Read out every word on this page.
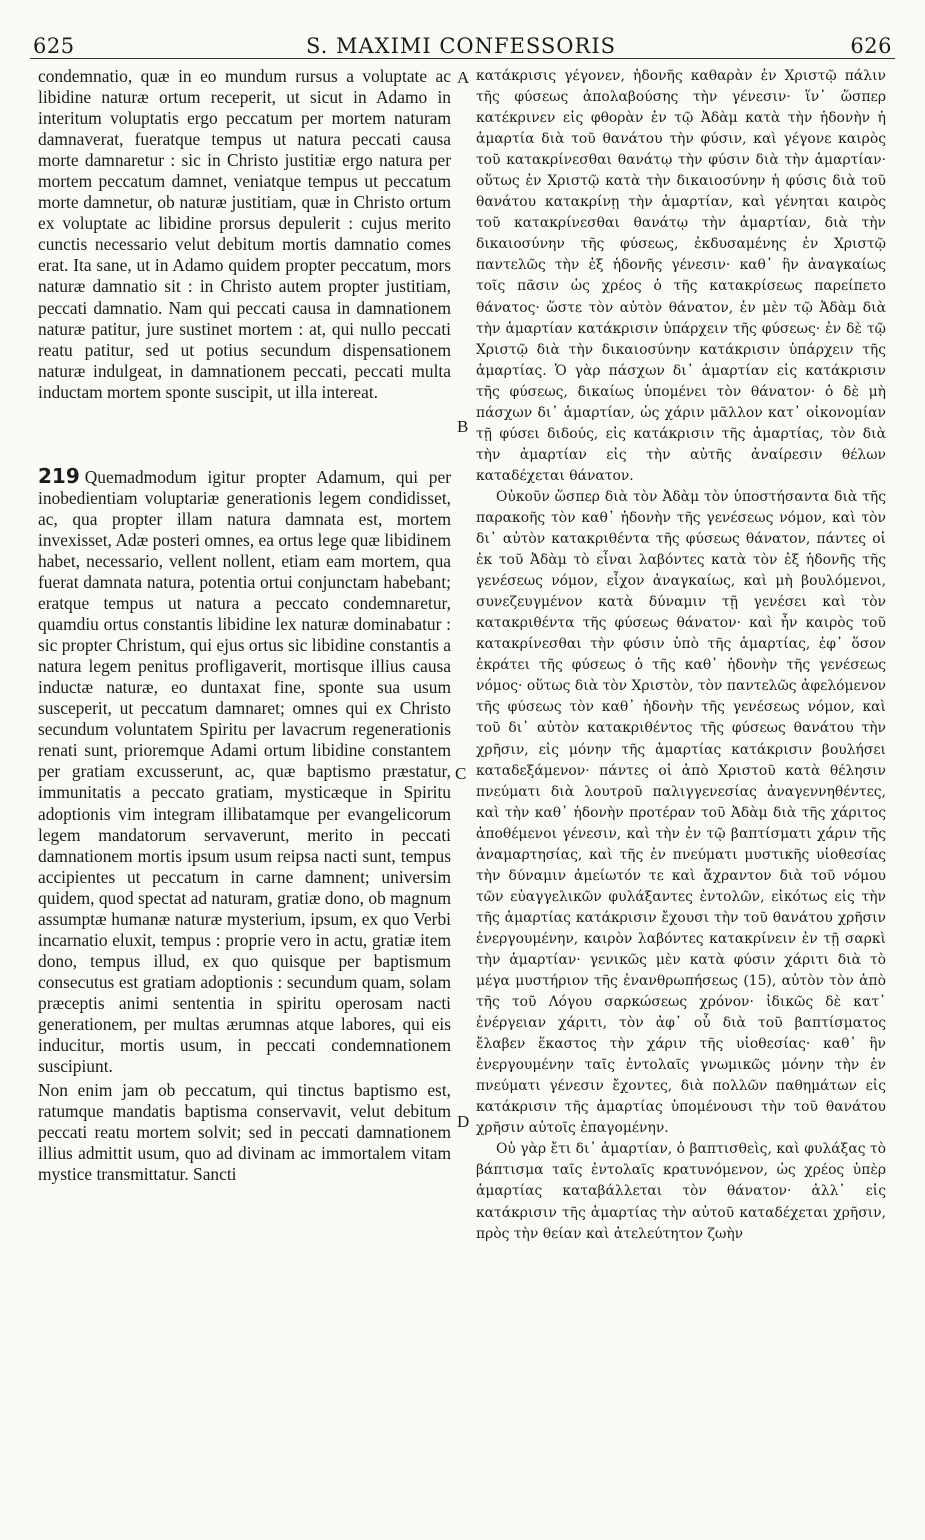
625	S. MAXIMI CONFESSORIS	626

condemnatio, quæ in eo mundum rursus a voluptate ac libidine naturæ ortum receperit, ut sicut in Adamo in interitum voluptatis ergo peccatum per mortem naturam damnaverat, fueratque tempus ut natura peccati causa morte damnaretur : sic in Christo justitiæ ergo natura per mortem peccatum damnet, veniatque tempus ut peccatum morte damnetur, ob naturæ justitiam, quæ in Christo ortum ex voluptate ac libidine prorsus depulerit : cujus merito cunctis necessario velut debitum mortis damnatio comes erat. Ita sane, ut in Adamo quidem propter peccatum, mors naturæ damnatio sit : in Christo autem propter justitiam, peccati damnatio. Nam qui peccati causa in damnationem naturæ patitur, jure sustinet mortem : at, qui nullo peccati reatu patitur, sed ut potius secundum dispensationem naturæ indulgeat, in damnationem peccati, peccati multa inductam mortem sponte suscipit, ut illa intereat.

219 Quemadmodum igitur propter Adamum, qui per inobedientiam voluptariæ generationis legem condidisset, ac, qua propter illam natura damnata est, mortem invexisset, Adæ posteri omnes, ea ortus lege quæ libidinem habet, necessario, vellent nollent, etiam eam mortem, qua fuerat damnata natura, potentia ortui conjunctam habebant; eratque tempus ut natura a peccato condemnaretur, quamdiu ortus constantis libidine lex naturæ dominabatur : sic propter Christum, qui ejus ortus sic libidine constantis a natura legem penitus profligaverit, mortisque illius causa inductæ naturæ, eo duntaxat fine, sponte sua usum susceperit, ut peccatum damnaret; omnes qui ex Christo secundum voluntatem Spiritu per lavacrum regenerationis renati sunt, prioremque Adami ortum libidine constantem per gratiam excusserunt, ac, quæ baptismo præstatur, immunitatis a peccato gratiam, mysticæque in Spiritu adoptionis vim integram illibatamque per evangelicorum legem mandatorum servaverunt, merito in peccati damnationem mortis ipsum usum reipsa nacti sunt, tempus accipientes ut peccatum in carne damnent; universim quidem, quod spectat ad naturam, gratiæ dono, ob magnum assumptæ humanæ naturæ mysterium, ipsum, ex quo Verbi incarnatio eluxit, tempus : proprie vero in actu, gratiæ item dono, tempus illud, ex quo quisque per baptismum consecutus est gratiam adoptionis : secundum quam, solam præceptis animi sententia in spiritu operosam nacti generationem, per multas ærumnas atque labores, qui eis inducitur, mortis usum, in peccati condemnationem suscipiunt.

Non enim jam ob peccatum, qui tinctus baptismo est, ratumque mandatis baptisma conservavit, velut debitum peccati reatu mortem solvit; sed in peccati damnationem illius admittit usum, quo ad divinam ac immortalem vitam mystice transmittatur. Sancti

A
B
C
D

κατάκρισις γέγονεν, ἡδονῆς καθαρὰν ἐν Χριστῷ πάλιν τῆς φύσεως ἀπολαβούσης τὴν γένεσιν· ἵν᾽ ὥσπερ κατέκρινεν εἰς φθορὰν ἐν τῷ Ἀδὰμ κατὰ τὴν ἡδονὴν ἡ ἁμαρτία διὰ τοῦ θανάτου τὴν φύσιν, καὶ γέγονε καιρὸς τοῦ κατακρίνεσθαι θανάτῳ τὴν φύσιν διὰ τὴν ἁμαρτίαν· οὕτως ἐν Χριστῷ κατὰ τὴν δικαιοσύνην ἡ φύσις διὰ τοῦ θανάτου κατακρίνῃ τὴν ἁμαρτίαν, καὶ γένηται καιρὸς τοῦ κατακρίνεσθαι θανάτῳ τὴν ἁμαρτίαν, διὰ τὴν δικαιοσύνην τῆς φύσεως, ἐκδυσαμένης ἐν Χριστῷ παντελῶς τὴν ἐξ ἡδονῆς γένεσιν· καθ᾽ ἣν ἀναγκαίως τοῖς πᾶσιν ὡς χρέος ὁ τῆς κατακρίσεως παρείπετο θάνατος· ὥστε τὸν αὐτὸν θάνατον, ἐν μὲν τῷ Ἀδὰμ διὰ τὴν ἁμαρτίαν κατάκρισιν ὑπάρχειν τῆς φύσεως· ἐν δὲ τῷ Χριστῷ διὰ τὴν δικαιοσύνην κατάκρισιν ὑπάρχειν τῆς ἁμαρτίας. Ὁ γὰρ πάσχων δι᾽ ἁμαρτίαν εἰς κατάκρισιν τῆς φύσεως, δικαίως ὑπομένει τὸν θάνατον· ὁ δὲ μὴ πάσχων δι᾽ ἁμαρτίαν, ὡς χάριν μᾶλλον κατ᾽ οἰκονομίαν τῇ φύσει διδούς, εἰς κατάκρισιν τῆς ἁμαρτίας, τὸν διὰ τὴν ἁμαρτίαν εἰς τὴν αὐτῆς ἀναίρεσιν θέλων καταδέχεται θάνατον.

Οὐκοῦν ὥσπερ διὰ τὸν Ἀδὰμ τὸν ὑποστήσαντα διὰ τῆς παρακοῆς τὸν καθ᾽ ἡδονὴν τῆς γενέσεως νόμον, καὶ τὸν δι᾽ αὐτὸν κατακριθέντα τῆς φύσεως θάνατον, πάντες οἱ ἐκ τοῦ Ἀδὰμ τὸ εἶναι λαβόντες κατὰ τὸν ἐξ ἡδονῆς τῆς γενέσεως νόμον, εἶχον ἀναγκαίως, καὶ μὴ βουλόμενοι, συνεζευγμένον κατὰ δύναμιν τῇ γενέσει καὶ τὸν κατακριθέντα τῆς φύσεως θάνατον· καὶ ἦν καιρὸς τοῦ κατακρίνεσθαι τὴν φύσιν ὑπὸ τῆς ἁμαρτίας, ἐφ᾽ ὅσον ἐκράτει τῆς φύσεως ὁ τῆς καθ᾽ ἡδονὴν τῆς γενέσεως νόμος· οὕτως διὰ τὸν Χριστὸν, τὸν παντελῶς ἀφελόμενον τῆς φύσεως τὸν καθ᾽ ἡδονὴν τῆς γενέσεως νόμον, καὶ τοῦ δι᾽ αὐτὸν κατακριθέντος τῆς φύσεως θανάτου τὴν χρῆσιν, εἰς μόνην τῆς ἁμαρτίας κατάκρισιν βουλήσει καταδεξάμενον· πάντες οἱ ἀπὸ Χριστοῦ κατὰ θέλησιν πνεύματι διὰ λουτροῦ παλιγγενεσίας ἀναγεννηθέντες, καὶ τὴν καθ᾽ ἡδονὴν προτέραν τοῦ Ἀδὰμ διὰ τῆς χάριτος ἀποθέμενοι γένεσιν, καὶ τὴν ἐν τῷ βαπτίσματι χάριν τῆς ἀναμαρτησίας, καὶ τῆς ἐν πνεύματι μυστικῆς υἱοθεσίας τὴν δύναμιν ἀμείωτόν τε καὶ ἄχραντον διὰ τοῦ νόμου τῶν εὐαγγελικῶν φυλάξαντες ἐντολῶν, εἰκότως εἰς τὴν τῆς ἁμαρτίας κατάκρισιν ἔχουσι τὴν τοῦ θανάτου χρῆσιν ἐνεργουμένην, καιρὸν λαβόντες κατακρίνειν ἐν τῇ σαρκὶ τὴν ἁμαρτίαν· γενικῶς μὲν κατὰ φύσιν χάριτι διὰ τὸ μέγα μυστήριον τῆς ἐνανθρωπήσεως (15), αὐτὸν τὸν ἀπὸ τῆς τοῦ Λόγου σαρκώσεως χρόνον· ἰδικῶς δὲ κατ᾽ ἐνέργειαν χάριτι, τὸν ἀφ᾽ οὗ διὰ τοῦ βαπτίσματος ἔλαβεν ἕκαστος τὴν χάριν τῆς υἱοθεσίας· καθ᾽ ἣν ἐνεργουμένην ταῖς ἐντολαῖς γνωμικῶς μόνην τὴν ἐν πνεύματι γένεσιν ἔχοντες, διὰ πολλῶν παθημάτων εἰς κατάκρισιν τῆς ἁμαρτίας ὑπομένουσι τὴν τοῦ θανάτου χρῆσιν αὐτοῖς ἐπαγομένην.

Οὐ γὰρ ἔτι δι᾽ ἁμαρτίαν, ὁ βαπτισθεὶς, καὶ φυλάξας τὸ βάπτισμα ταῖς ἐντολαῖς κρατυνόμενον, ὡς χρέος ὑπὲρ ἁμαρτίας καταβάλλεται τὸν θάνατον· ἀλλ᾽ εἰς κατάκρισιν τῆς ἁμαρτίας τὴν αὐτοῦ καταδέχεται χρῆσιν, πρὸς τὴν θείαν καὶ ἀτελεύτητον ζωὴν
